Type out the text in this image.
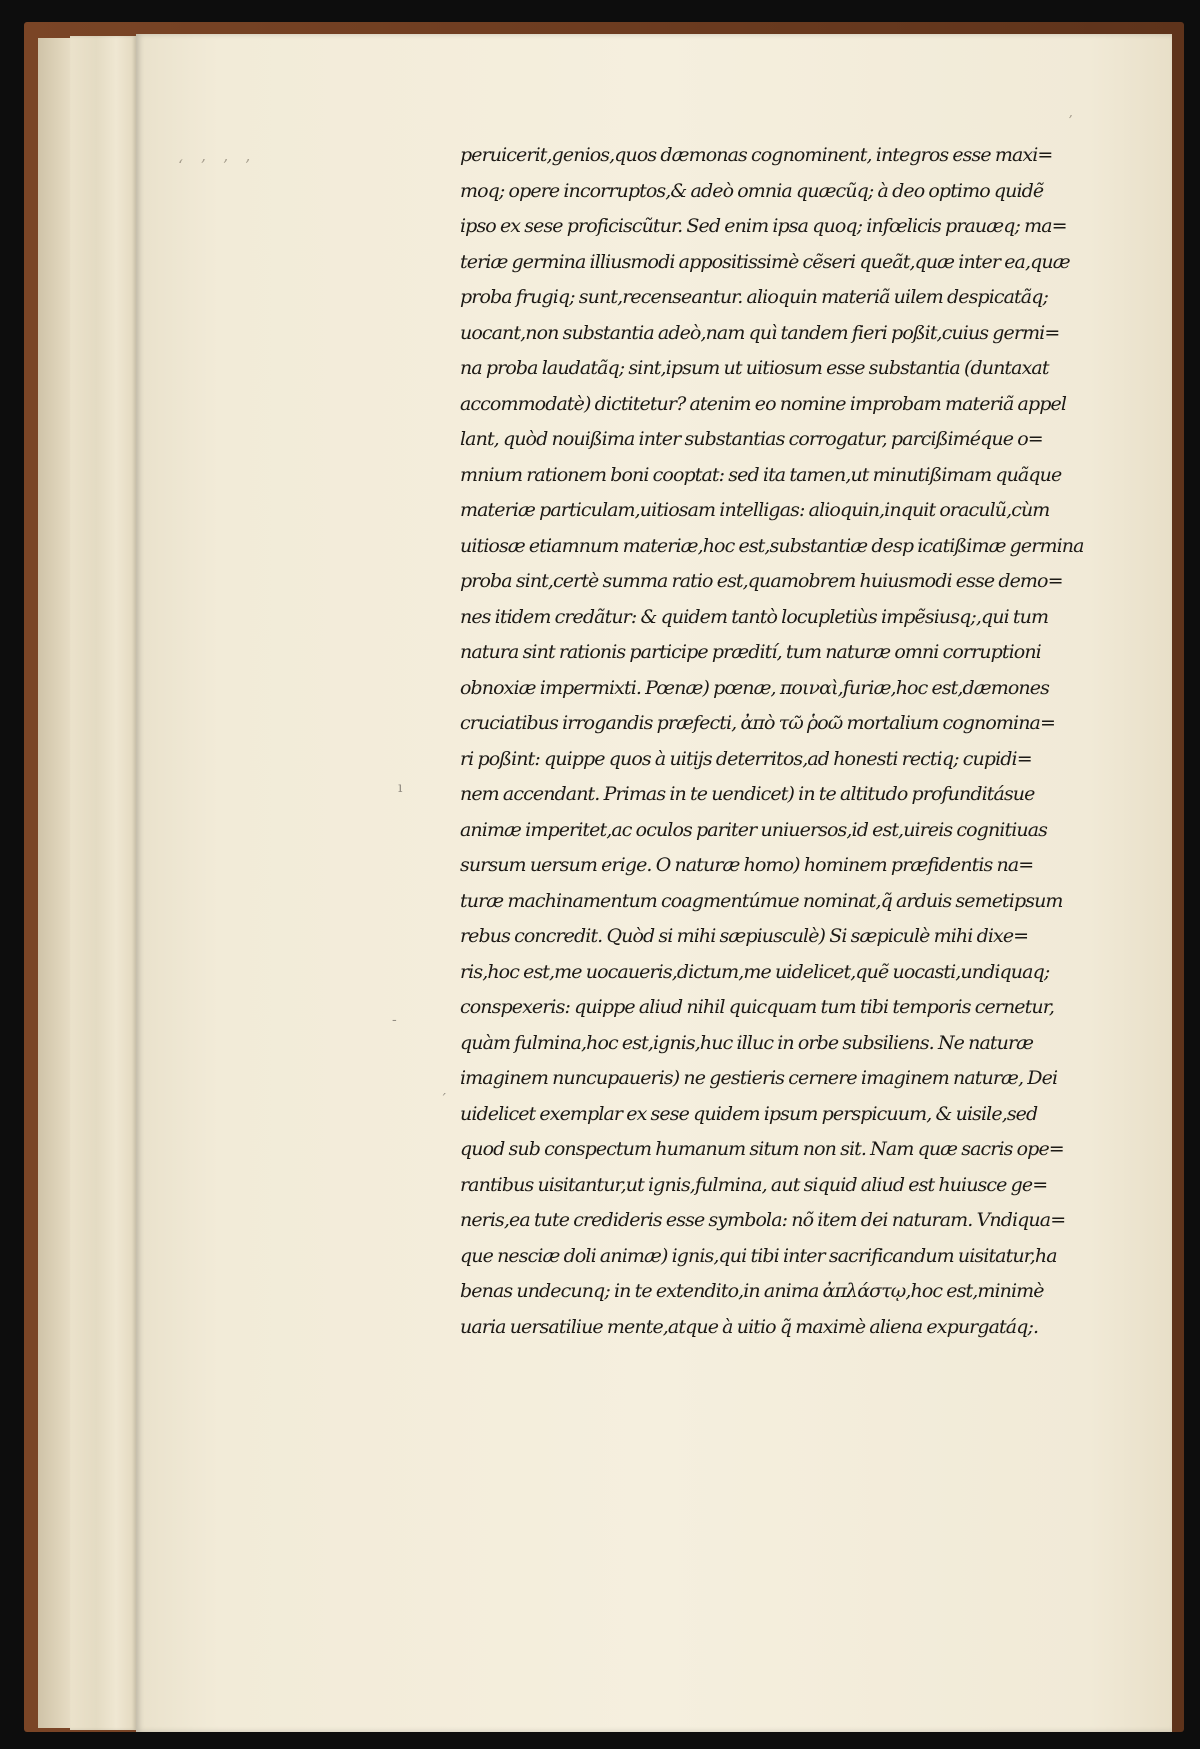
ʻ ʼ ʼ ʼ
ʼ
-
ı
ˊ
peruicerit,genios,quos dæmonas cognominent, integros esse maxi=
moq; opere incorruptos,& adeò omnia quæcũq; à deo optimo quidẽ
ipso ex sese proficiscũtur. Sed enim ipsa quoq; infœlicis prauæq; ma=
teriæ germina illiusmodi appositissimè cẽseri queãt,quæ inter ea,quæ
proba frugiq; sunt,recenseantur. alioquin materiã uilem despicatãq;
uocant,non substantia adeò,nam quì tandem fieri poßit,cuius germi=
na proba laudatãq; sint,ipsum ut uitiosum esse substantia (duntaxat
accommodatè) dictitetur? atenim eo nomine improbam materiã appel
lant, quòd nouißima inter substantias corrogatur, parcißiméque o=
mnium rationem boni cooptat: sed ita tamen,ut minutißimam quãque
materiæ particulam,uitiosam intelligas: alioquin,inquit oraculũ,cùm
uitiosæ etiamnum materiæ,hoc est,substantiæ desp icatißimæ germina
proba sint,certè summa ratio est,quamobrem huiusmodi esse demo=
nes itidem credãtur: & quidem tantò locupletiùs impẽsiusq;,qui tum
natura sint rationis participe prædití, tum naturæ omni corruptioni
obnoxiæ impermixti. Pœnæ) pœnæ, ποιναὶ,furiæ,hoc est,dæmones
cruciatibus irrogandis præfecti, ἀπὸ τῶ ῥοῶ mortalium cognomina=
ri poßint: quippe quos à uitijs deterritos,ad honesti rectiq; cupidi=
nem accendant. Primas in te uendicet) in te altitudo profunditásue
animæ imperitet,ac oculos pariter uniuersos,id est,uireis cognitiuas
sursum uersum erige. O naturæ homo) hominem præfidentis na=
turæ machinamentum coagmentúmue nominat,q̃ arduis semetipsum
rebus concredit. Quòd si mihi sæpiusculè) Si sæpiculè mihi dixe=
ris,hoc est,me uocaueris,dictum,me uidelicet,quẽ uocasti,undiquaq;
conspexeris: quippe aliud nihil quicquam tum tibi temporis cernetur,
quàm fulmina,hoc est,ignis,huc illuc in orbe subsiliens. Ne naturæ
imaginem nuncupaueris) ne gestieris cernere imaginem naturæ, Dei
uidelicet exemplar ex sese quidem ipsum perspicuum, & uisile,sed
quod sub conspectum humanum situm non sit. Nam quæ sacris ope=
rantibus uisitantur,ut ignis,fulmina, aut siquid aliud est huiusce ge=
neris,ea tute credideris esse symbola: nõ item dei naturam. Vndiqua=
que nesciæ doli animæ) ignis,qui tibi inter sacrificandum uisitatur,ha
benas undecunq; in te extendito,in anima ἀπλάστῳ,hoc est,minimè
uaria uersatiliue mente,atque à uitio q̃ maximè aliena expurgatáq;.
